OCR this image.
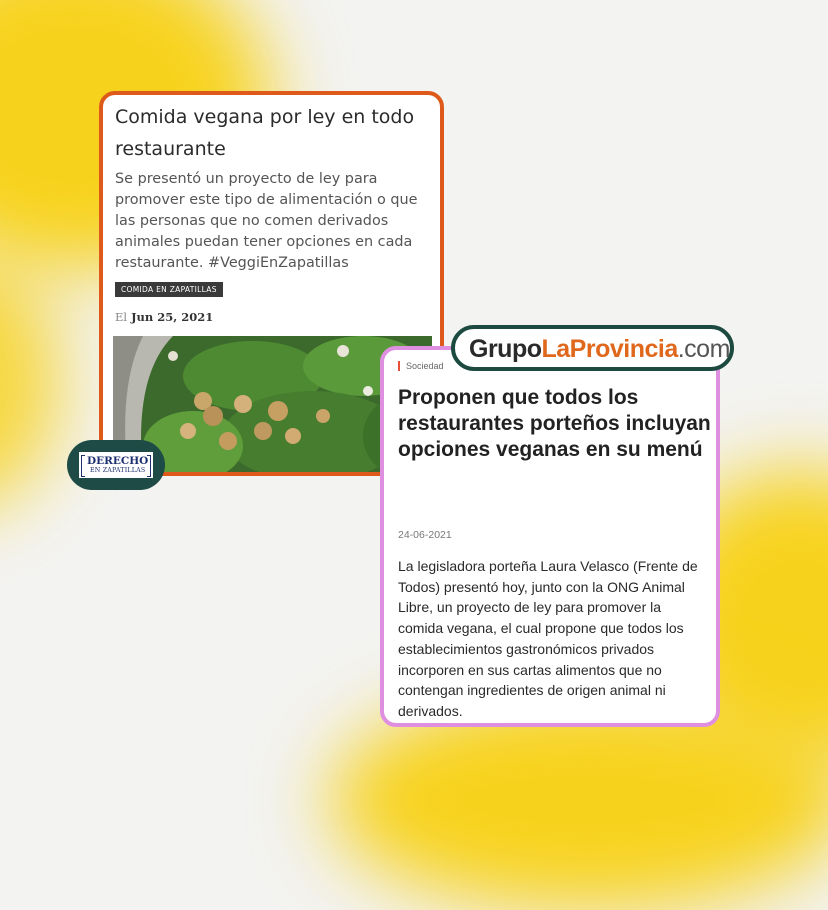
Comida vegana por ley en todo restaurante
Se presentó un proyecto de ley para promover este tipo de alimentación o que las personas que no comen derivados animales puedan tener opciones en cada restaurante. #VeggiEnZapatillas
COMIDA EN ZAPATILLAS
El Jun 25, 2021
DERECHO
EN ZAPATILLAS
Sociedad
Proponen que todos los restaurantes porteños incluyan opciones veganas en su menú
24-06-2021
La legisladora porteña Laura Velasco (Frente de Todos) presentó hoy, junto con la ONG Animal Libre, un proyecto de ley para promover la comida vegana, el cual propone que todos los establecimientos gastronómicos privados incorporen en sus cartas alimentos que no contengan ingredientes de origen animal ni derivados.
GrupoLaProvincia.com
